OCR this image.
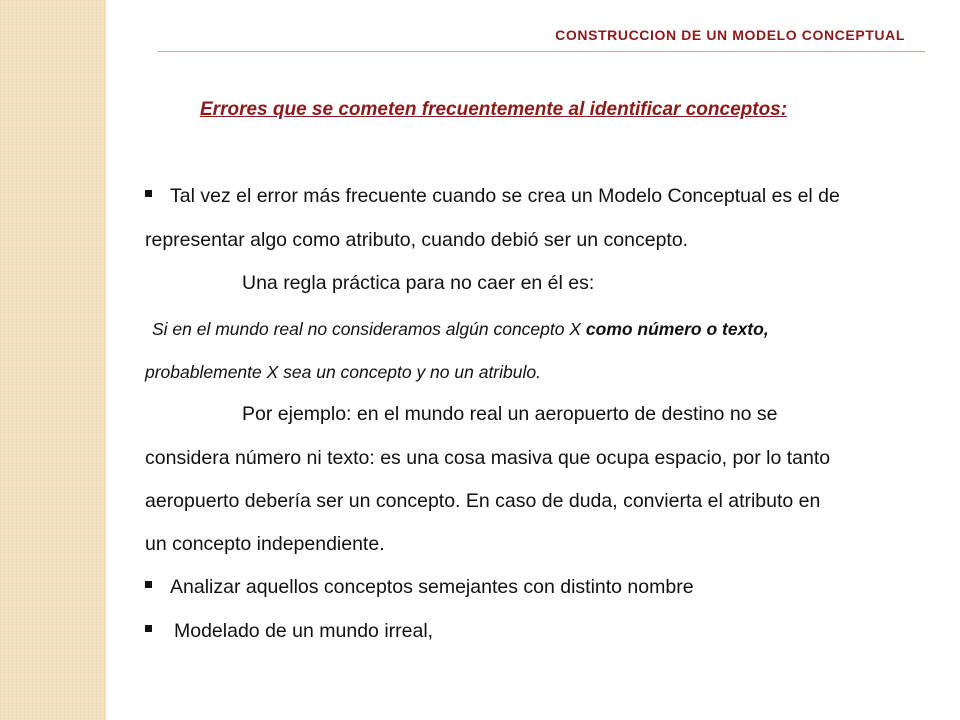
CONSTRUCCION DE UN MODELO CONCEPTUAL
Errores que se cometen frecuentemente al identificar conceptos:
Tal vez el error más frecuente cuando se crea un Modelo Conceptual es el de
representar algo como atributo, cuando debió ser un concepto.
Una regla práctica para no caer en él es:
Si en el mundo real no consideramos algún concepto X como número o texto,
probablemente X sea un concepto y no un atribulo.
Por ejemplo: en el mundo real un aeropuerto de destino no se
considera número ni texto: es una cosa masiva que ocupa espacio, por lo tanto
aeropuerto debería ser un concepto. En caso de duda, convierta el atributo en
un concepto independiente.
Analizar aquellos conceptos semejantes con distinto nombre
Modelado de un mundo irreal,
